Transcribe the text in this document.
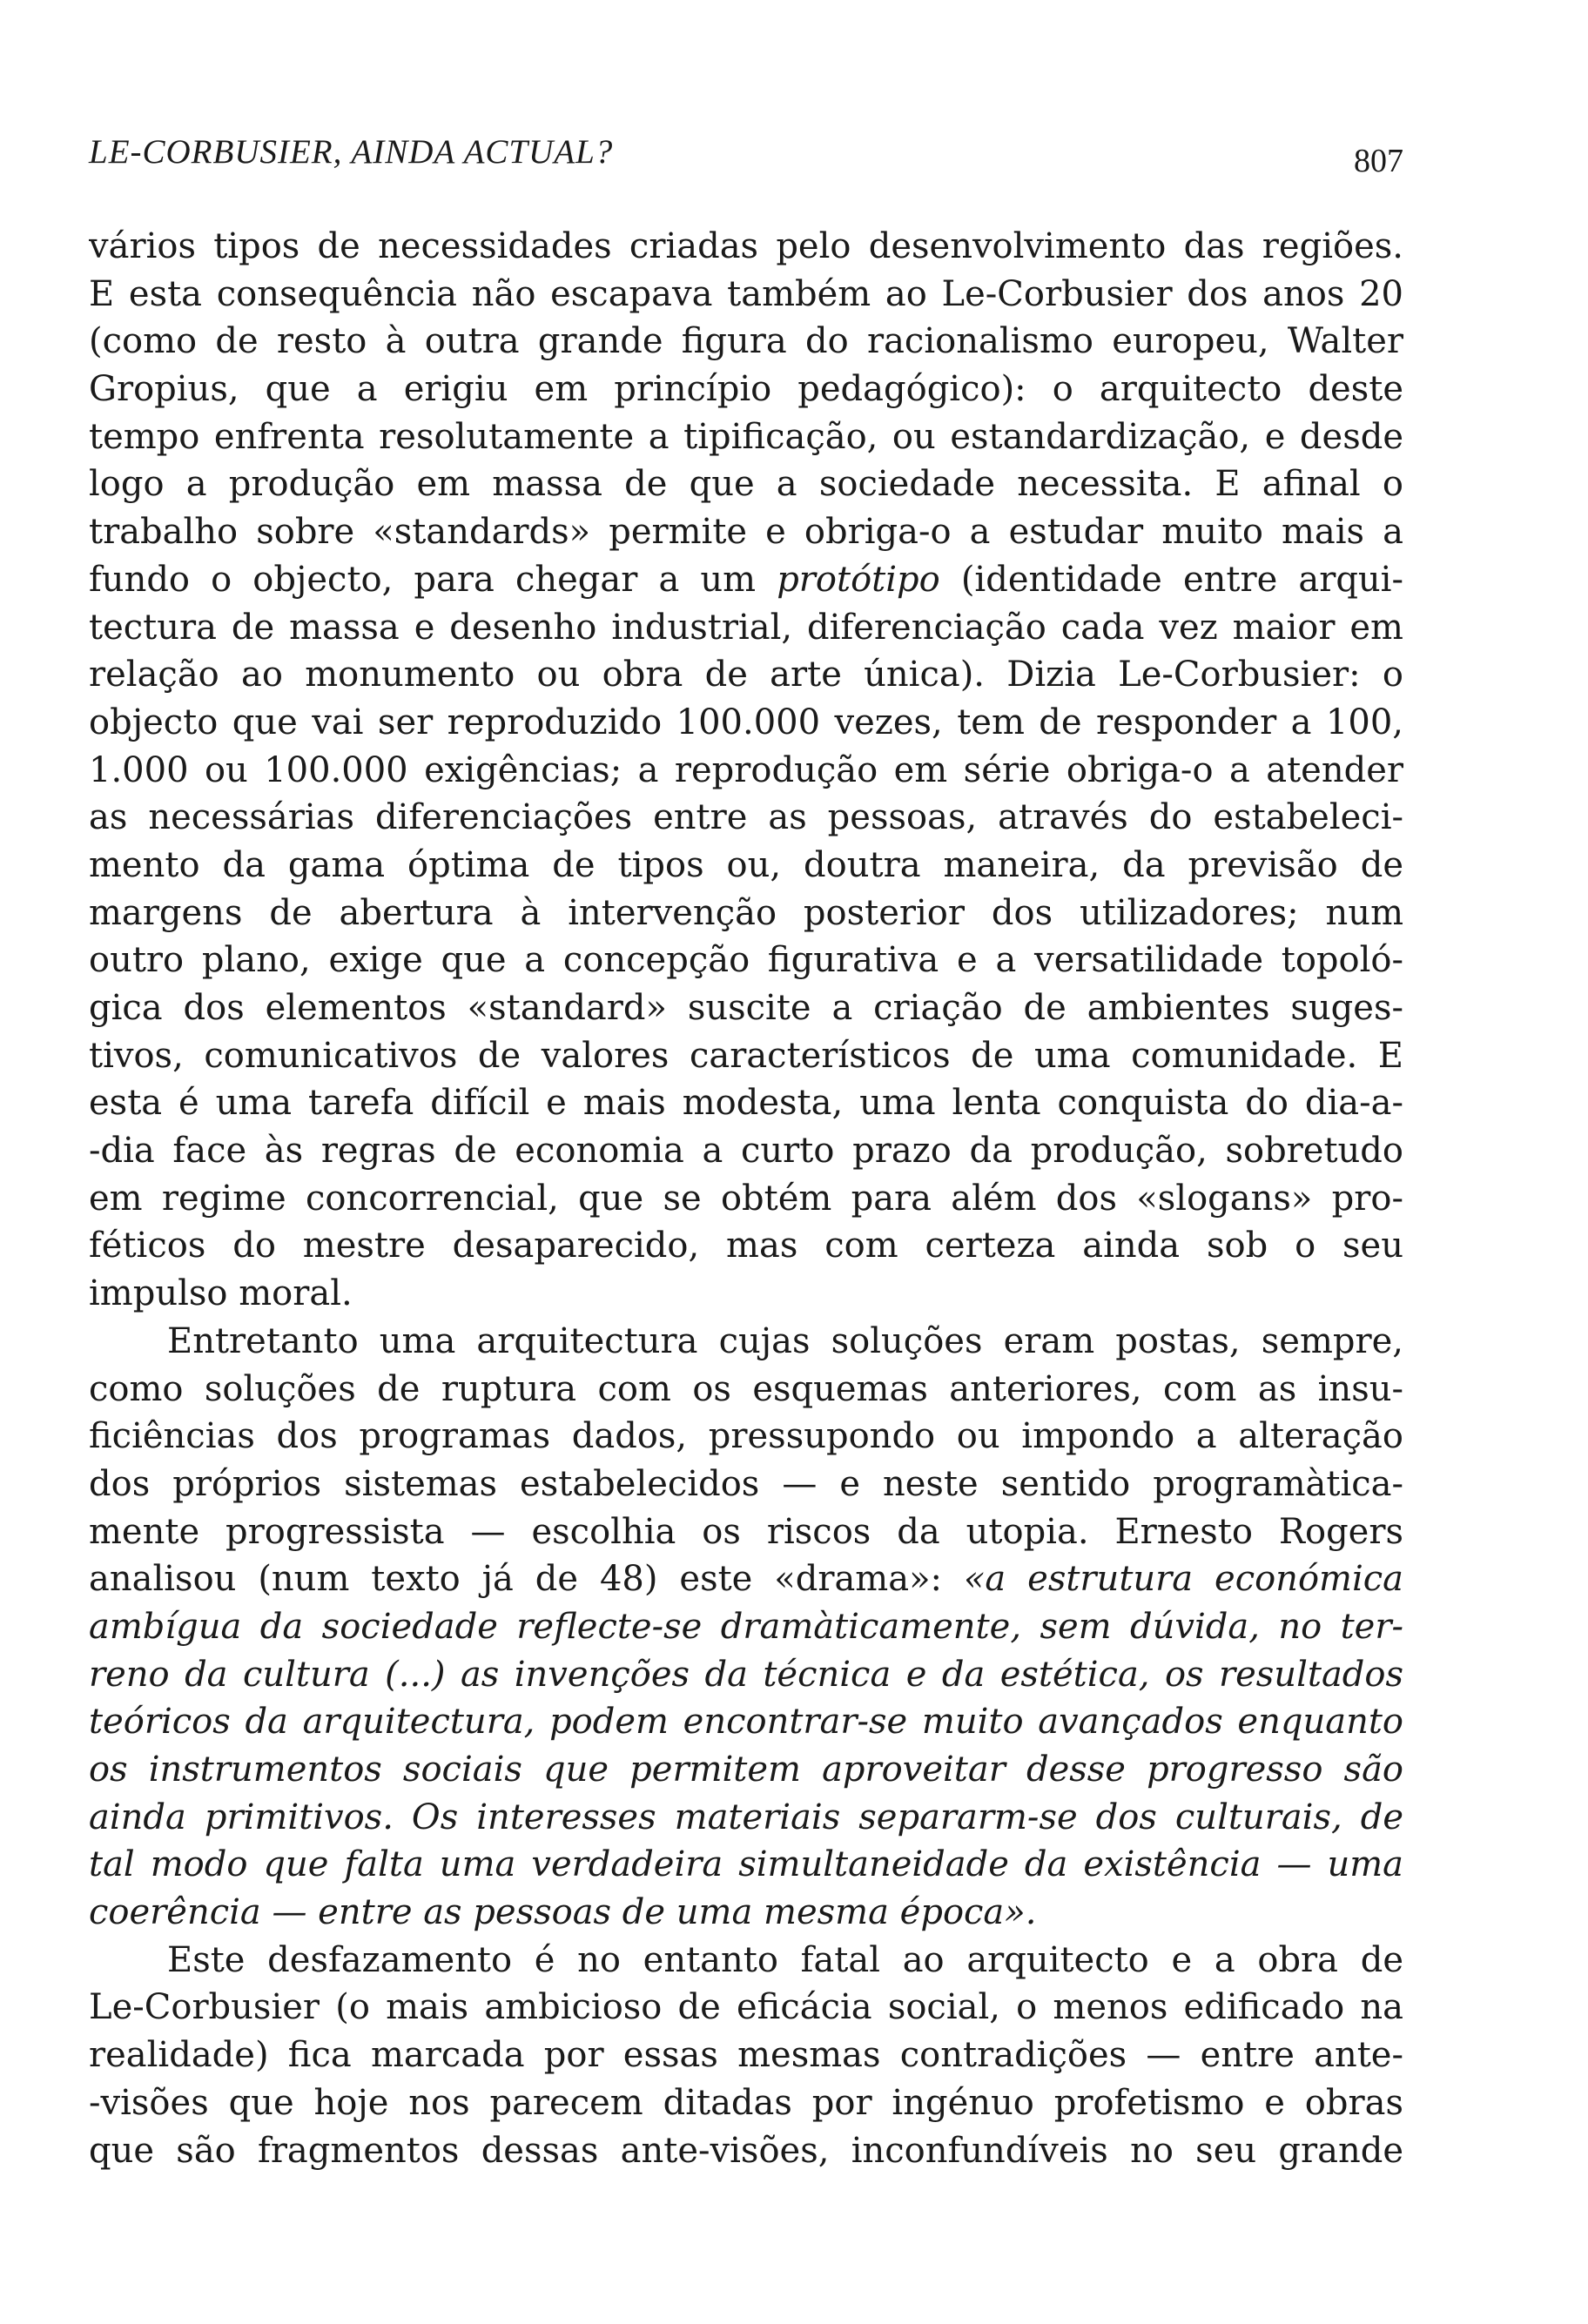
LE-CORBUSIER, AINDA ACTUAL?	807
vários tipos de necessidades criadas pelo desenvolvimento das regiões.
E esta consequência não escapava também ao Le-Corbusier dos anos 20
(como de resto à outra grande figura do racionalismo europeu, Walter
Gropius, que a erigiu em princípio pedagógico): o arquitecto deste
tempo enfrenta resolutamente a tipificação, ou estandardização, e desde
logo a produção em massa de que a sociedade necessita. E afinal o
trabalho sobre «standards» permite e obriga-o a estudar muito mais a
fundo o objecto, para chegar a um protótipo (identidade entre arqui-
tectura de massa e desenho industrial, diferenciação cada vez maior em
relação ao monumento ou obra de arte única). Dizia Le-Corbusier: o
objecto que vai ser reproduzido 100.000 vezes, tem de responder a 100,
1.000 ou 100.000 exigências; a reprodução em série obriga-o a atender
as necessárias diferenciações entre as pessoas, através do estabeleci-
mento da gama óptima de tipos ou, doutra maneira, da previsão de
margens de abertura à intervenção posterior dos utilizadores; num
outro plano, exige que a concepção figurativa e a versatilidade topoló-
gica dos elementos «standard» suscite a criação de ambientes suges-
tivos, comunicativos de valores característicos de uma comunidade. E
esta é uma tarefa difícil e mais modesta, uma lenta conquista do dia-a-
-dia face às regras de economia a curto prazo da produção, sobretudo
em regime concorrencial, que se obtém para além dos «slogans» pro-
féticos do mestre desaparecido, mas com certeza ainda sob o seu
impulso moral.
Entretanto uma arquitectura cujas soluções eram postas, sempre,
como soluções de ruptura com os esquemas anteriores, com as insu-
ficiências dos programas dados, pressupondo ou impondo a alteração
dos próprios sistemas estabelecidos — e neste sentido programàtica-
mente progressista — escolhia os riscos da utopia. Ernesto Rogers
analisou (num texto já de 48) este «drama»: «a estrutura económica
ambígua da sociedade reflecte-se dramàticamente, sem dúvida, no ter-
reno da cultura (...) as invenções da técnica e da estética, os resultados
teóricos da arquitectura, podem encontrar-se muito avançados enquanto
os instrumentos sociais que permitem aproveitar desse progresso são
ainda primitivos. Os interesses materiais separarm-se dos culturais, de
tal modo que falta uma verdadeira simultaneidade da existência — uma
coerência — entre as pessoas de uma mesma época».
Este desfazamento é no entanto fatal ao arquitecto e a obra de
Le-Corbusier (o mais ambicioso de eficácia social, o menos edificado na
realidade) fica marcada por essas mesmas contradições — entre ante-
-visões que hoje nos parecem ditadas por ingénuo profetismo e obras
que são fragmentos dessas ante-visões, inconfundíveis no seu grande
